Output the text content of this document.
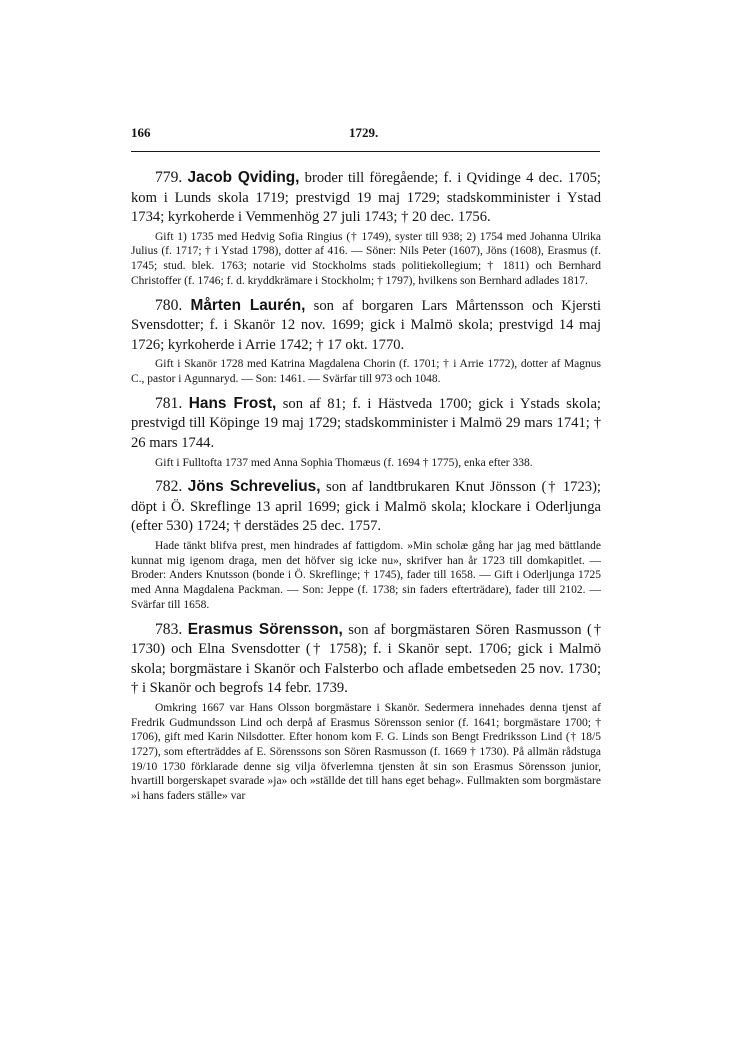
166	1729.

779. Jacob Qviding, broder till föregående; f. i Qvidinge 4 dec. 1705; kom i Lunds skola 1719; prestvigd 19 maj 1729; stadskomminister i Ystad 1734; kyrkoherde i Vemmenhög 27 juli 1743; † 20 dec. 1756.

Gift 1) 1735 med Hedvig Sofia Ringius († 1749), syster till 938; 2) 1754 med Johanna Ulrika Julius (f. 1717; † i Ystad 1798), dotter af 416. — Söner: Nils Peter (1607), Jöns (1608), Erasmus (f. 1745; stud. blek. 1763; notarie vid Stockholms stads politiekollegium; † 1811) och Bernhard Christoffer (f. 1746; f. d. kryddkrämare i Stockholm; † 1797), hvilkens son Bernhard adlades 1817.

780. Mårten Laurén, son af borgaren Lars Mårtensson och Kjersti Svensdotter; f. i Skanör 12 nov. 1699; gick i Malmö skola; prestvigd 14 maj 1726; kyrkoherde i Arrie 1742; † 17 okt. 1770.

Gift i Skanör 1728 med Katrina Magdalena Chorin (f. 1701; † i Arrie 1772), dotter af Magnus C., pastor i Agunnaryd. — Son: 1461. — Svärfar till 973 och 1048.

781. Hans Frost, son af 81; f. i Hästveda 1700; gick i Ystads skola; prestvigd till Köpinge 19 maj 1729; stadskomminister i Malmö 29 mars 1741; † 26 mars 1744.

Gift i Fulltofta 1737 med Anna Sophia Thomæus (f. 1694 † 1775), enka efter 338.

782. Jöns Schrevelius, son af landtbrukaren Knut Jönsson († 1723); döpt i Ö. Skreflinge 13 april 1699; gick i Malmö skola; klockare i Oderljunga (efter 530) 1724; † derstädes 25 dec. 1757.

Hade tänkt blifva prest, men hindrades af fattigdom. »Min scholæ gång har jag med bättlande kunnat mig igenom draga, men det höfver sig icke nu», skrifver han år 1723 till domkapitlet. — Broder: Anders Knutsson (bonde i Ö. Skreflinge; † 1745), fader till 1658. — Gift i Oderljunga 1725 med Anna Magdalena Packman. — Son: Jeppe (f. 1738; sin faders efterträdare), fader till 2102. — Svärfar till 1658.

783. Erasmus Sörensson, son af borgmästaren Sören Rasmusson († 1730) och Elna Svensdotter († 1758); f. i Skanör sept. 1706; gick i Malmö skola; borgmästare i Skanör och Falsterbo och aflade embetseden 25 nov. 1730; † i Skanör och begrofs 14 febr. 1739.

Omkring 1667 var Hans Olsson borgmästare i Skanör. Sedermera innehades denna tjenst af Fredrik Gudmundsson Lind och derpå af Erasmus Sörensson senior (f. 1641; borgmästare 1700; † 1706), gift med Karin Nilsdotter. Efter honom kom F. G. Linds son Bengt Fredriksson Lind († 18/5 1727), som efterträddes af E. Sörenssons son Sören Rasmusson (f. 1669 † 1730). På allmän rådstuga 19/10 1730 förklarade denne sig vilja öfverlemna tjensten åt sin son Erasmus Sörensson junior, hvartill borgerskapet svarade »ja» och »ställde det till hans eget behag». Fullmakten som borgmästare »i hans faders ställe» var
